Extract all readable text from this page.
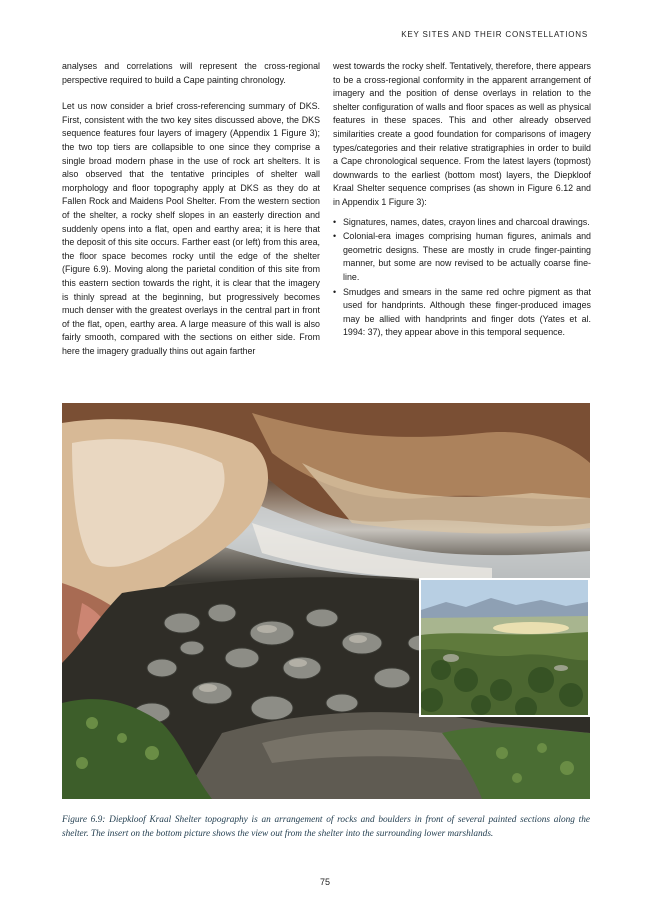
KEY SITES AND THEIR CONSTELLATIONS

analyses and correlations will represent the cross-regional perspective required to build a Cape painting chronology.

Let us now consider a brief cross-referencing summary of DKS. First, consistent with the two key sites discussed above, the DKS sequence features four layers of imagery (Appendix 1 Figure 3); the two top tiers are collapsible to one since they comprise a single broad modern phase in the use of rock art shelters. It is also observed that the tentative principles of shelter wall morphology and floor topography apply at DKS as they do at Fallen Rock and Maidens Pool Shelter. From the western section of the shelter, a rocky shelf slopes in an easterly direction and suddenly opens into a flat, open and earthy area; it is here that the deposit of this site occurs. Farther east (or left) from this area, the floor space becomes rocky until the edge of the shelter (Figure 6.9). Moving along the parietal condition of this site from this eastern section towards the right, it is clear that the imagery is thinly spread at the beginning, but progressively becomes much denser with the greatest overlays in the central part in front of the flat, open, earthy area. A large measure of this wall is also fairly smooth, compared with the sections on either side. From here the imagery gradually thins out again farther

west towards the rocky shelf. Tentatively, therefore, there appears to be a cross-regional conformity in the apparent arrangement of imagery and the position of dense overlays in relation to the shelter configuration of walls and floor spaces as well as physical features in these spaces. This and other already observed similarities create a good foundation for comparisons of imagery types/categories and their relative stratigraphies in order to build a Cape chronological sequence. From the latest layers (topmost) downwards to the earliest (bottom most) layers, the Diepkloof Kraal Shelter sequence comprises (as shown in Figure 6.12 and in Appendix 1 Figure 3):

• Signatures, names, dates, crayon lines and charcoal drawings.
• Colonial-era images comprising human figures, animals and geometric designs. These are mostly in crude finger-painting manner, but some are now revised to be actually coarse fine-line.
• Smudges and smears in the same red ochre pigment as that used for handprints. Although these finger-produced images may be allied with handprints and finger dots (Yates et al. 1994: 37), they appear above in this temporal sequence.
Figure 6.9: Diepkloof Kraal Shelter topography is an arrangement of rocks and boulders in front of several painted sections along the shelter. The insert on the bottom picture shows the view out from the shelter into the surrounding lower marshlands.
75
